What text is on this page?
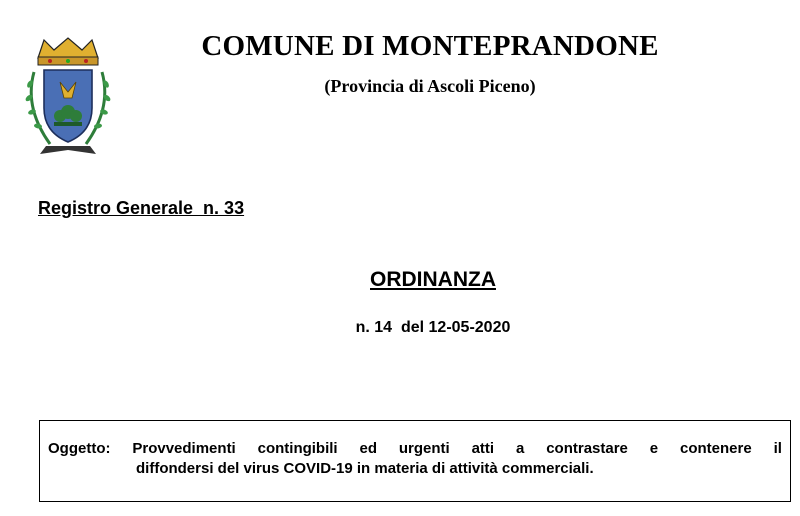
COMUNE DI MONTEPRANDONE
(Provincia di Ascoli Piceno)
Registro Generale  n. 33
ORDINANZA
n. 14  del 12-05-2020
Oggetto: Provvedimenti contingibili ed urgenti atti a contrastare e contenere il
diffondersi del virus COVID-19 in materia di attività commerciali.
